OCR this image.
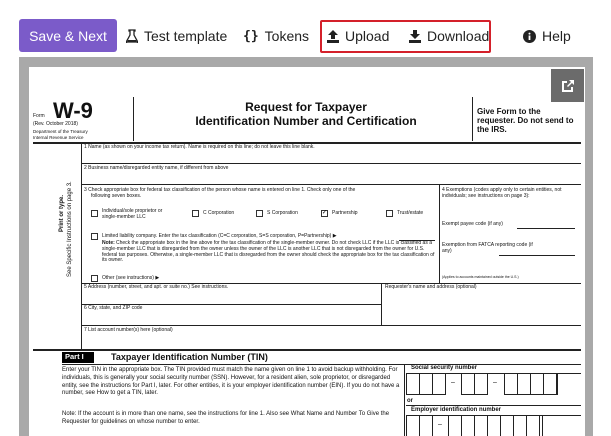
Save & Next	Test template {} Tokens	Upload	Download	Help
Form W-9
(Rev. October 2018)
Department of the Treasury
Internal Revenue Service
Request for Taxpayer
Identification Number and Certification
Give Form to the requester. Do not send to the IRS.
Print or type. See Specific Instructions on page 3.
1 Name (as shown on your income tax return). Name is required on this line; do not leave this line blank.
2 Business name/disregarded entity name, if different from above
3 Check appropriate box for federal tax classification of the person whose name is entered on line 1. Check only one of the
following seven boxes.
Individual/sole proprietor or
single-member LLC
C Corporation	S Corporation	✓ Partnership	Trust/estate
Limited liability company. Enter the tax classification (C=C corporation, S=S corporation, P=Partnership) ▶
Note: Check the appropriate box in the line above for the tax classification of the single-member owner. Do not check LLC if the LLC is classified as a single-member LLC that is disregarded from the owner unless the owner of the LLC is another LLC that is not disregarded from the owner for U.S. federal tax purposes. Otherwise, a single-member LLC that is disregarded from the owner should check the appropriate box for the tax classification of its owner.
Other (see instructions) ▶
4 Exemptions (codes apply only to certain entities, not individuals; see instructions on page 3):
Exempt payee code (if any)
Exemption from FATCA reporting code (if any)
(Applies to accounts maintained outside the U.S.)
5 Address (number, street, and apt. or suite no.) See instructions.	Requester's name and address (optional)
6 City, state, and ZIP code
7 List account number(s) here (optional)
Part I	Taxpayer Identification Number (TIN)
Enter your TIN in the appropriate box. The TIN provided must match the name given on line 1 to avoid backup withholding. For individuals, this is generally your social security number (SSN). However, for a resident alien, sole proprietor, or disregarded entity, see the instructions for Part I, later. For other entities, it is your employer identification number (EIN). If you do not have a number, see How to get a TIN, later.
Note: If the account is in more than one name, see the instructions for line 1. Also see What Name and Number To Give the Requester for guidelines on whose number to enter.
Social security number
–	–
or
Employer identification number
–
